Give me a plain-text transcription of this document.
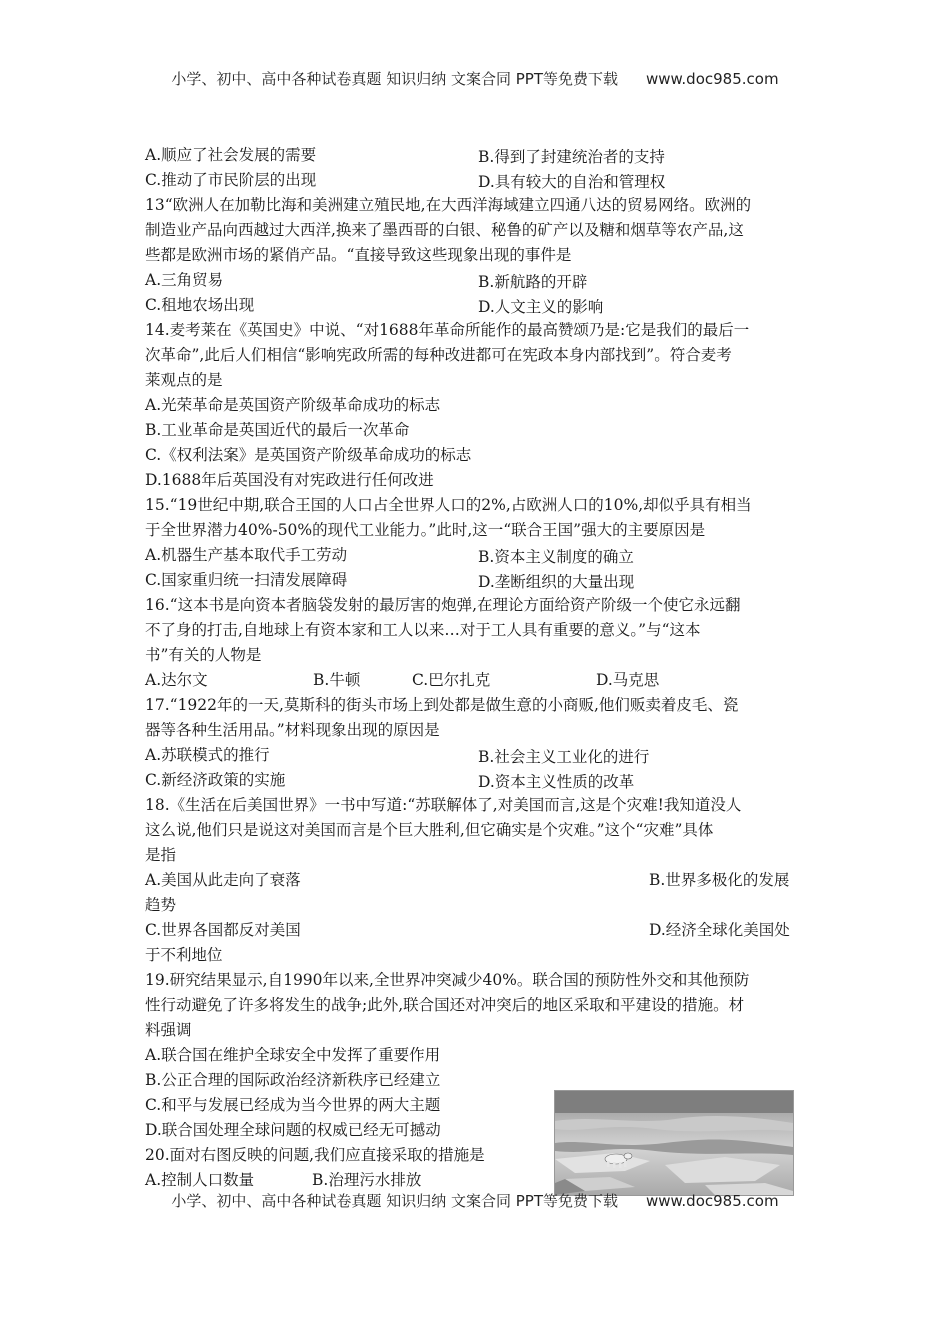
小学、初中、高中各种试卷真题 知识归纳 文案合同 PPT等免费下载 www.doc985.com
A.顺应了社会发展的需要	B.得到了封建统治者的支持
C.推动了市民阶层的出现	D.具有较大的自治和管理权
13“欧洲人在加勒比海和美洲建立殖民地,在大西洋海域建立四通八达的贸易网络。欧洲的
制造业产品向西越过大西洋,换来了墨西哥的白银、秘鲁的矿产以及糖和烟草等农产品,这
些都是欧洲市场的紧俏产品。“直接导致这些现象出现的事件是
A.三角贸易	B.新航路的开辟
C.租地农场出现	D.人文主义的影响
14.麦考莱在《英国史》中说、“对1688年革命所能作的最高赞颂乃是:它是我们的最后一
次革命”,此后人们相信“影响宪政所需的每种改进都可在宪政本身内部找到”。符合麦考
莱观点的是
A.光荣革命是英国资产阶级革命成功的标志
B.工业革命是英国近代的最后一次革命
C.《权利法案》是英国资产阶级革命成功的标志
D.1688年后英国没有对宪政进行任何改进
15.“19世纪中期,联合王国的人口占全世界人口的2%,占欧洲人口的10%,却似乎具有相当
于全世界潜力40%-50%的现代工业能力。”此时,这一“联合王国”强大的主要原因是
A.机器生产基本取代手工劳动	B.资本主义制度的确立
C.国家重归统一扫清发展障碍	D.垄断组织的大量出现
16.“这本书是向资本者脑袋发射的最厉害的炮弹,在理论方面给资产阶级一个使它永远翻
不了身的打击,自地球上有资本家和工人以来…对于工人具有重要的意义。”与“这本
书”有关的人物是
A.达尔文	B.牛顿	C.巴尔扎克	D.马克思
17.“1922年的一天,莫斯科的街头市场上到处都是做生意的小商贩,他们贩卖着皮毛、瓷
器等各种生活用品。”材料现象出现的原因是
A.苏联模式的推行	B.社会主义工业化的进行
C.新经济政策的实施	D.资本主义性质的改革
18.《生活在后美国世界》一书中写道:“苏联解体了,对美国而言,这是个灾难!我知道没人
这么说,他们只是说这对美国而言是个巨大胜利,但它确实是个灾难。”这个“灾难”具体
是指
A.美国从此走向了衰落	B.世界多极化的发展
趋势
C.世界各国都反对美国	D.经济全球化美国处
于不利地位
19.研究结果显示,自1990年以来,全世界冲突减少40%。联合国的预防性外交和其他预防
性行动避免了许多将发生的战争;此外,联合国还对冲突后的地区采取和平建设的措施。材
料强调
A.联合国在维护全球安全中发挥了重要作用
B.公正合理的国际政治经济新秩序已经建立
C.和平与发展已经成为当今世界的两大主题
D.联合国处理全球问题的权威已经无可撼动
20.面对右图反映的问题,我们应直接采取的措施是
A.控制人口数量	B.治理污水排放
小学、初中、高中各种试卷真题 知识归纳 文案合同 PPT等免费下载 www.doc985.com
